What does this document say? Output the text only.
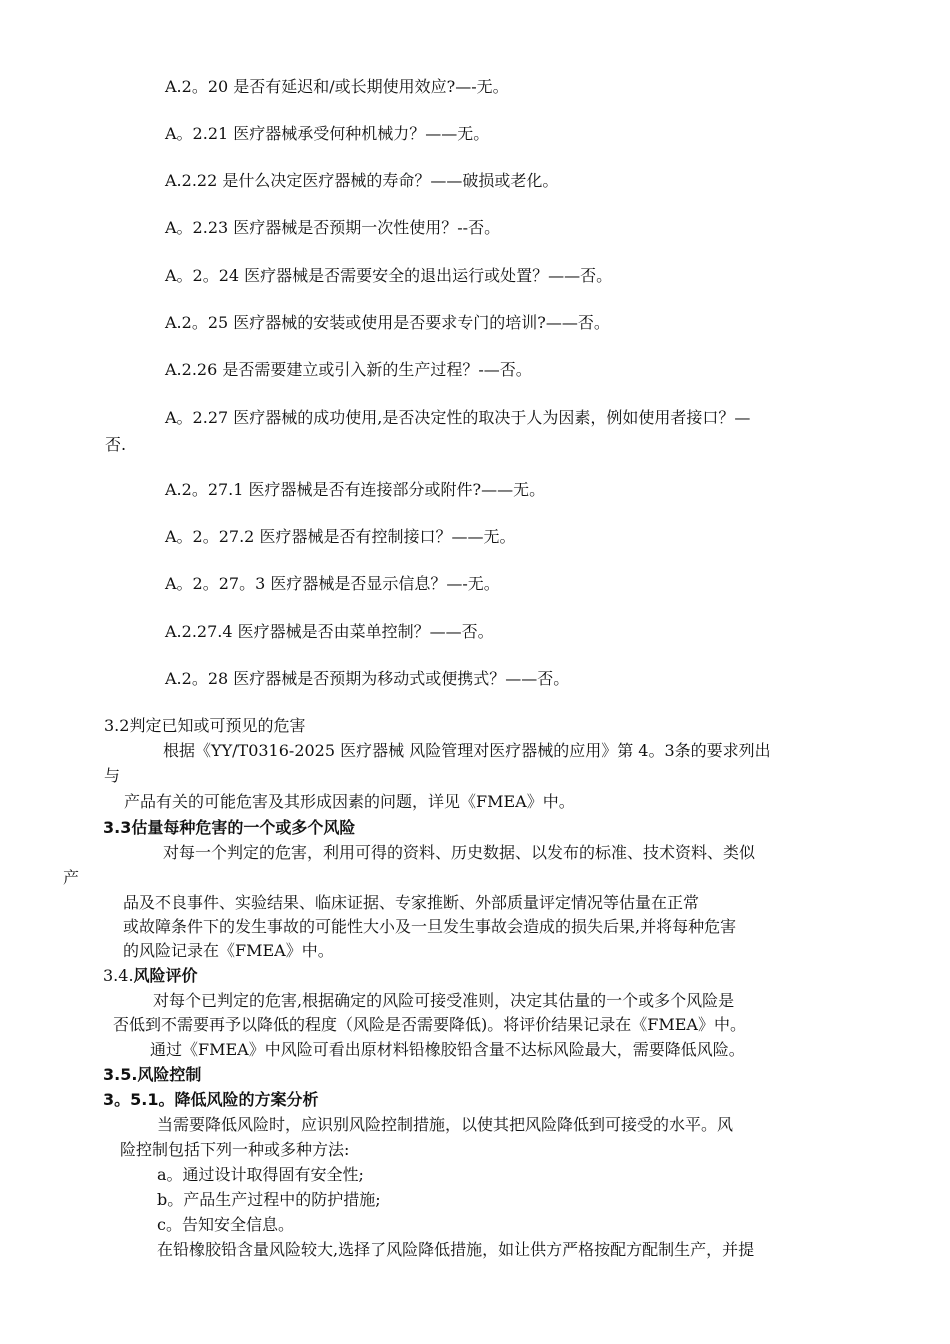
A.2。20 是否有延迟和/或长期使用效应?—-无。
A。2.21 医疗器械承受何种机械力？——无。
A.2.22 是什么决定医疗器械的寿命？——破损或老化。
A。2.23 医疗器械是否预期一次性使用？--否。
A。2。24 医疗器械是否需要安全的退出运行或处置？——否。
A.2。25 医疗器械的安装或使用是否要求专门的培训?——否。
A.2.26 是否需要建立或引入新的生产过程？-—否。
A。2.27 医疗器械的成功使用,是否决定性的取决于人为因素，例如使用者接口？—
否.
A.2。27.1 医疗器械是否有连接部分或附件?——无。
A。2。27.2 医疗器械是否有控制接口？——无。
A。2。27。3 医疗器械是否显示信息？—-无。
A.2.27.4 医疗器械是否由菜单控制？——否。
A.2。28 医疗器械是否预期为移动式或便携式？——否。
3.2判定已知或可预见的危害
根据《YY/T0316-2025 医疗器械 风险管理对医疗器械的应用》第 4。3条的要求列出
与
产品有关的可能危害及其形成因素的问题，详见《FMEA》中。
3.3估量每种危害的一个或多个风险
对每一个判定的危害，利用可得的资料、历史数据、以发布的标准、技术资料、类似
产
品及不良事件、实验结果、临床证据、专家推断、外部质量评定情况等估量在正常
或故障条件下的发生事故的可能性大小及一旦发生事故会造成的损失后果,并将每种危害
的风险记录在《FMEA》中。
3.4.风险评价
对每个已判定的危害,根据确定的风险可接受准则，决定其估量的一个或多个风险是
否低到不需要再予以降低的程度（风险是否需要降低)。将评价结果记录在《FMEA》中。
通过《FMEA》中风险可看出原材料铅橡胶铅含量不达标风险最大，需要降低风险。
3.5.风险控制
3。5.1。降低风险的方案分析
当需要降低风险时，应识别风险控制措施，以使其把风险降低到可接受的水平。风
险控制包括下列一种或多种方法:
a。通过设计取得固有安全性;
b。产品生产过程中的防护措施;
c。告知安全信息。
在铅橡胶铅含量风险较大,选择了风险降低措施，如让供方严格按配方配制生产，并提
